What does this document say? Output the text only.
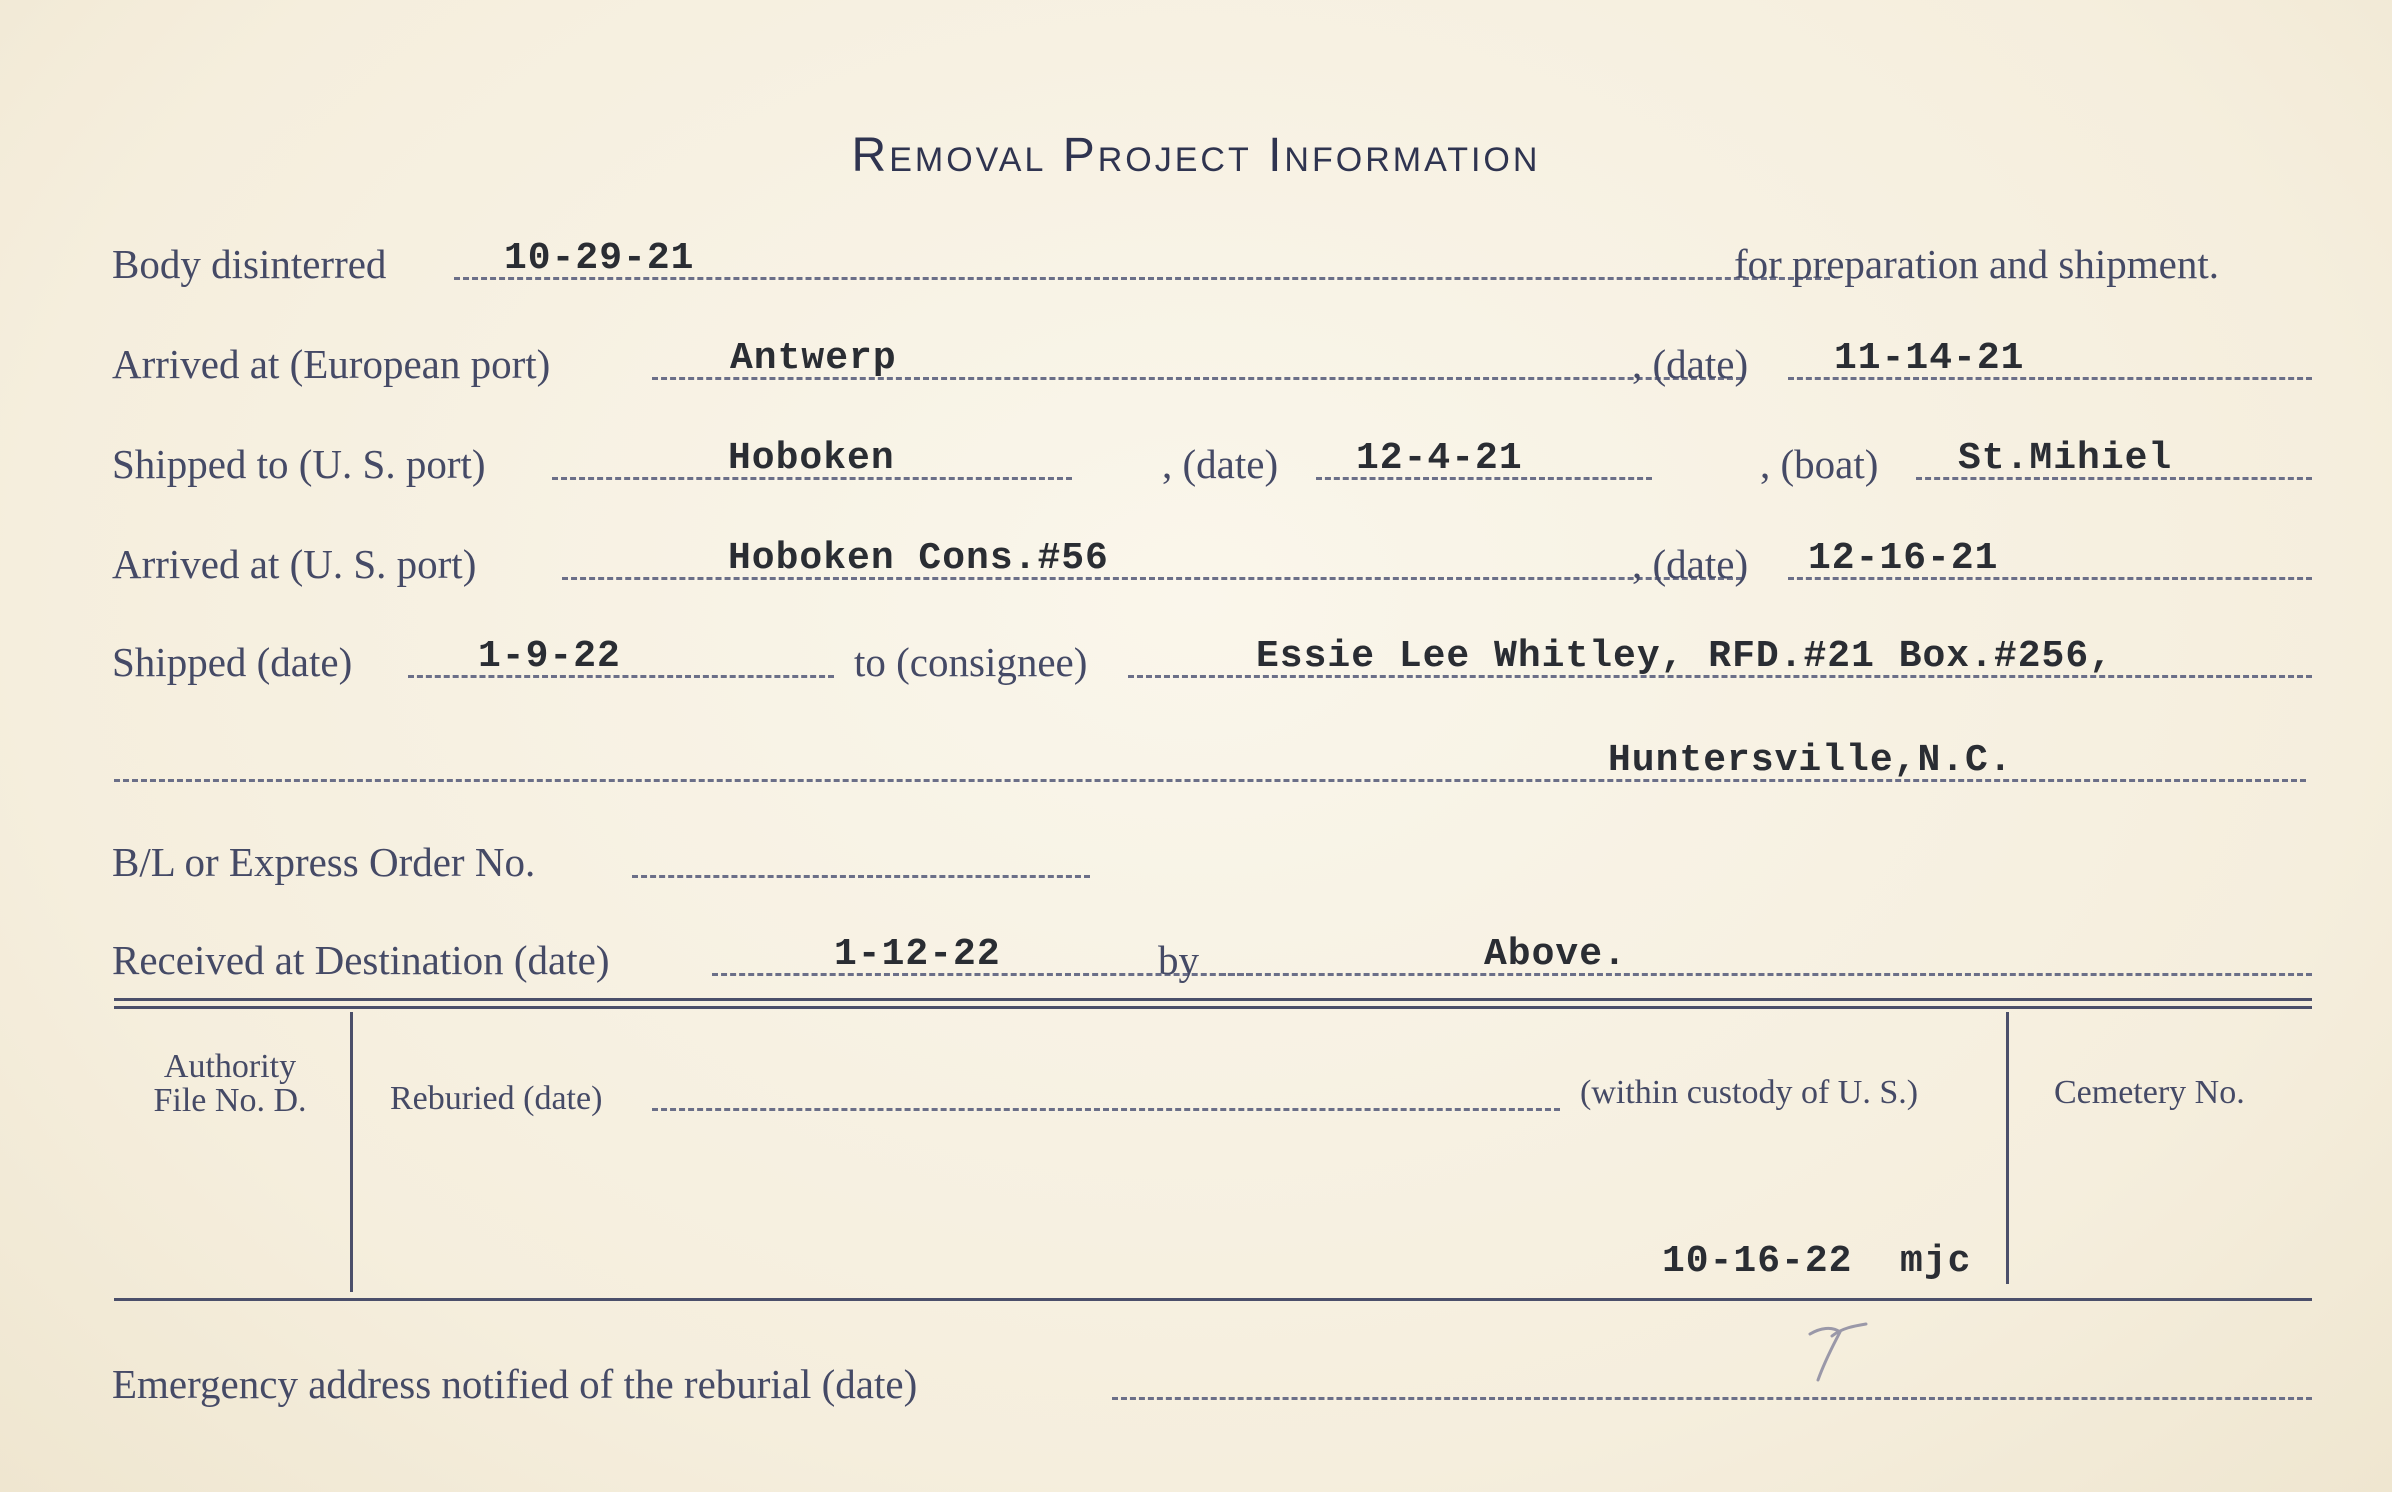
Removal Project Information
Body disinterred	10-29-21	for preparation and shipment.
Arrived at (European port)	Antwerp	, (date) 11-14-21
Shipped to (U. S. port)	Hoboken	, (date) 12-4-21	, (boat) St.Mihiel
Arrived at (U. S. port)	Hoboken Cons.#56	, (date) 12-16-21
Shipped (date)	1-9-22	to (consignee)	Essie Lee Whitley, RFD.#21 Box.#256,
Huntersville,N.C.
B/L or Express Order No.
Received at Destination (date)	1-12-22	by	Above.
Authority
File No. D.	Reburied (date)	(within custody of U. S.)	Cemetery No.
10-16-22  mjc
Emergency address notified of the reburial (date)
